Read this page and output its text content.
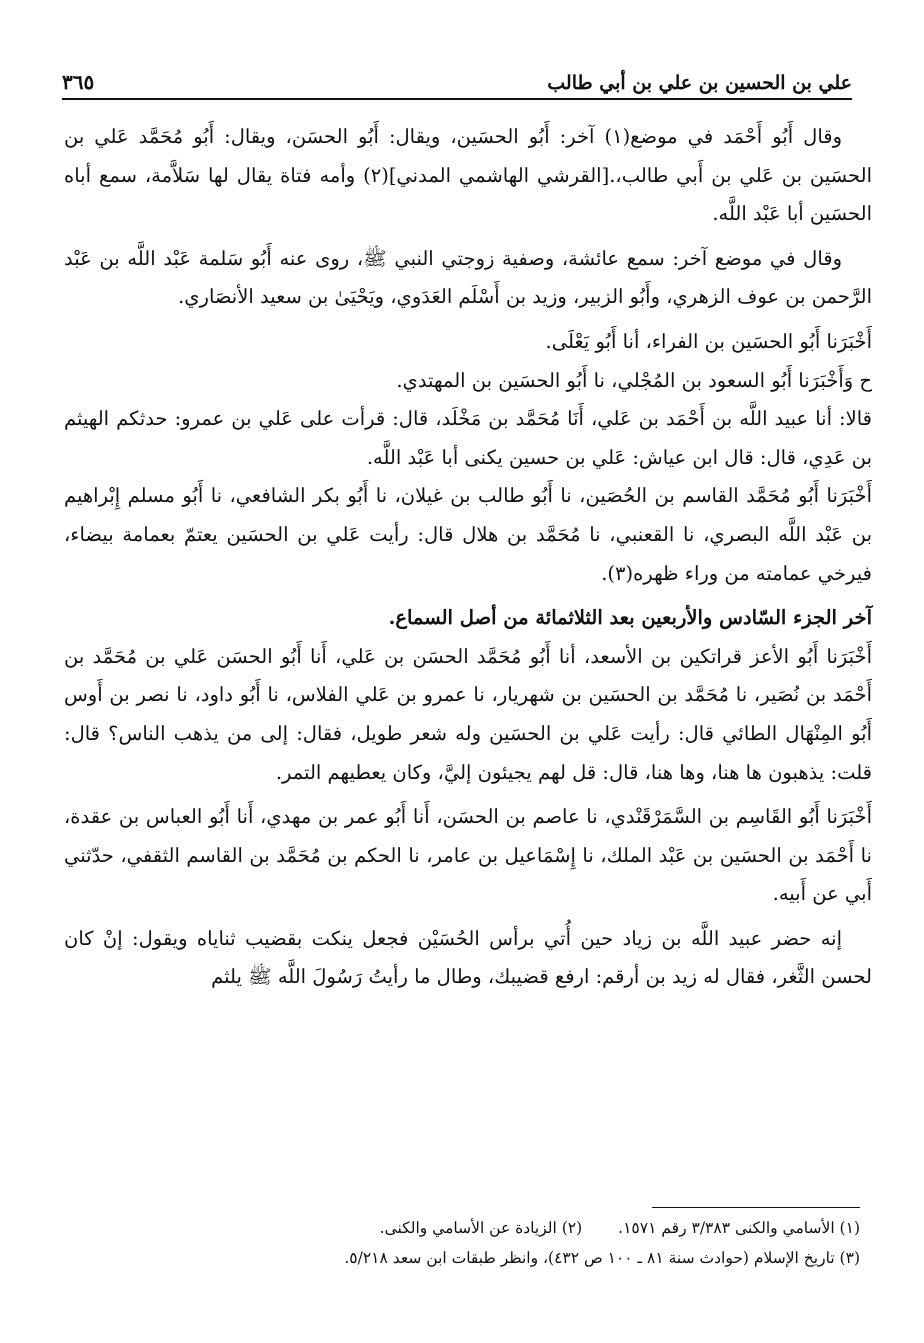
علي بن الحسين بن علي بن أبي طالب
٣٦٥

وقال أَبُو أَحْمَد في موضع(١) آخر: أَبُو الحسَين، ويقال: أَبُو الحسَن، ويقال: أَبُو مُحَمَّد عَلي بن الحسَين بن عَلي بن أَبي طالب،.[القرشي الهاشمي المدني](٢) وأمه فتاة يقال لها سَلاَّمة، سمع أباه الحسَين أبا عَبْد اللَّه.

وقال في موضع آخر: سمع عائشة، وصفية زوجتي النبي ﷺ، روى عنه أَبُو سَلمة عَبْد اللَّه بن عَبْد الرَّحمن بن عوف الزهري، وأَبُو الزبير، وزيد بن أَسْلَم العَدَوي، ويَحْيَىٰ بن سعيد الأنصَاري.

أَخْبَرَنا أَبُو الحسَين بن الفراء، أنا أَبُو يَعْلَى.

ح وَأَخْبَرَنا أَبُو السعود بن المُجْلي، نا أَبُو الحسَين بن المهتدي.

قالا: أنا عبيد اللَّه بن أَحْمَد بن عَلي، أَنَا مُحَمَّد بن مَخْلَد، قال: قرأت على عَلي بن عمرو: حدثكم الهيثم بن عَدِي، قال: قال ابن عياش: عَلي بن حسين يكنى أبا عَبْد اللَّه.

أَخْبَرَنا أَبُو مُحَمَّد القاسم بن الحُصَين، نا أَبُو طالب بن غيلان، نا أَبُو بكر الشافعي، نا أَبُو مسلم إِبْراهيم بن عَبْد اللَّه البصري، نا القعنبي، نا مُحَمَّد بن هلال قال: رأيت عَلي بن الحسَين يعتمّ بعمامة بيضاء، فيرخي عمامته من وراء ظهره(٣).

آخر الجزء السّادس والأربعين بعد الثلاثمائة من أصل السماع.

أَخْبَرَنا أَبُو الأعز قراتكين بن الأسعد، أنا أَبُو مُحَمَّد الحسَن بن عَلي، أَنا أَبُو الحسَن عَلي بن مُحَمَّد بن أَحْمَد بن نُصَير، نا مُحَمَّد بن الحسَين بن شهريار، نا عمرو بن عَلي الفلاس، نا أَبُو داود، نا نصر بن أَوس أَبُو المِنْهَال الطائي قال: رأيت عَلي بن الحسَين وله شعر طويل، فقال: إلى من يذهب الناس؟ قال: قلت: يذهبون ها هنا، وها هنا، قال: قل لهم يجيئون إليَّ، وكان يعطيهم التمر.

أَخْبَرَنا أَبُو القَاسِم بن السَّمَرْقَنْدي، نا عاصم بن الحسَن، أَنا أَبُو عمر بن مهدي، أَنا أَبُو العباس بن عقدة، نا أَحْمَد بن الحسَين بن عَبْد الملك، نا إِسْمَاعيل بن عامر، نا الحكم بن مُحَمَّد بن القاسم الثقفي، حدّثني أَبي عن أَبيه.

إنه حضر عبيد اللَّه بن زياد حين أُتي برأس الحُسَيْن فجعل ينكت بقضيب ثناياه ويقول: إنْ كان لحسن الثَّغر، فقال له زيد بن أرقم: ارفع قضيبك، وطال ما رأيتُ رَسُولَ اللَّه ﷺ يلثم

(١) الأسامي والكنى ٣/٣٨٣ رقم ١٥٧١.
(٢) الزيادة عن الأسامي والكنى.
(٣) تاريخ الإسلام (حوادث سنة ٨١ ـ ١٠٠ ص ٤٣٢)، وانظر طبقات ابن سعد ٥/٢١٨.
